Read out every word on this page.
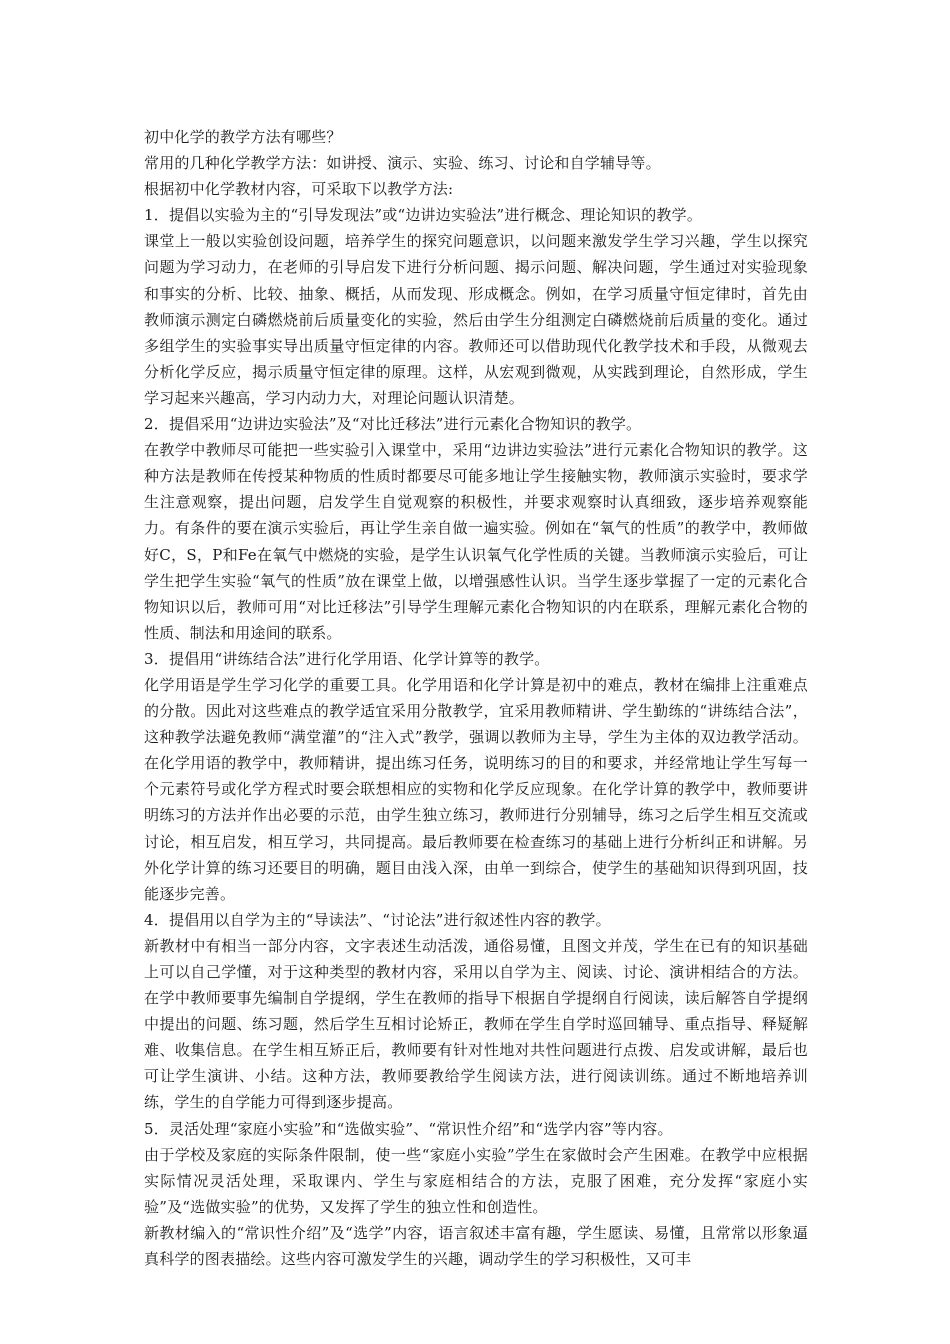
初中化学的教学方法有哪些？

常用的几种化学教学方法：如讲授、演示、实验、练习、讨论和自学辅导等。

根据初中化学教材内容，可采取下以教学方法:

1．提倡以实验为主的“引导发现法”或“边讲边实验法”进行概念、理论知识的教学。

课堂上一般以实验创设问题，培养学生的探究问题意识，以问题来激发学生学习兴趣，学生以探究问题为学习动力，在老师的引导启发下进行分析问题、揭示问题、解决问题，学生通过对实验现象和事实的分析、比较、抽象、概括，从而发现、形成概念。例如，在学习质量守恒定律时，首先由教师演示测定白磷燃烧前后质量变化的实验，然后由学生分组测定白磷燃烧前后质量的变化。通过多组学生的实验事实导出质量守恒定律的内容。教师还可以借助现代化教学技术和手段，从微观去分析化学反应，揭示质量守恒定律的原理。这样，从宏观到微观，从实践到理论，自然形成，学生学习起来兴趣高，学习内动力大，对理论问题认识清楚。

2．提倡采用“边讲边实验法”及“对比迁移法”进行元素化合物知识的教学。

在教学中教师尽可能把一些实验引入课堂中，采用“边讲边实验法”进行元素化合物知识的教学。这种方法是教师在传授某种物质的性质时都要尽可能多地让学生接触实物，教师演示实验时，要求学生注意观察，提出问题，启发学生自觉观察的积极性，并要求观察时认真细致，逐步培养观察能力。有条件的要在演示实验后，再让学生亲自做一遍实验。例如在“氧气的性质”的教学中，教师做好C，S，P和Fe在氧气中燃烧的实验，是学生认识氧气化学性质的关键。当教师演示实验后，可让学生把学生实验“氧气的性质”放在课堂上做，以增强感性认识。当学生逐步掌握了一定的元素化合物知识以后，教师可用“对比迁移法”引导学生理解元素化合物知识的内在联系，理解元素化合物的性质、制法和用途间的联系。

3．提倡用“讲练结合法”进行化学用语、化学计算等的教学。

化学用语是学生学习化学的重要工具。化学用语和化学计算是初中的难点，教材在编排上注重难点的分散。因此对这些难点的教学适宜采用分散教学，宜采用教师精讲、学生勤练的“讲练结合法”，这种教学法避免教师“满堂灌”的“注入式”教学，强调以教师为主导，学生为主体的双边教学活动。在化学用语的教学中，教师精讲，提出练习任务，说明练习的目的和要求，并经常地让学生写每一个元素符号或化学方程式时要会联想相应的实物和化学反应现象。在化学计算的教学中，教师要讲明练习的方法并作出必要的示范，由学生独立练习，教师进行分别辅导，练习之后学生相互交流或讨论，相互启发，相互学习，共同提高。最后教师要在检查练习的基础上进行分析纠正和讲解。另外化学计算的练习还要目的明确，题目由浅入深，由单一到综合，使学生的基础知识得到巩固，技能逐步完善。

4．提倡用以自学为主的“导读法”、“讨论法”进行叙述性内容的教学。

新教材中有相当一部分内容，文字表述生动活泼，通俗易懂，且图文并茂，学生在已有的知识基础上可以自己学懂，对于这种类型的教材内容，采用以自学为主、阅读、讨论、演讲相结合的方法。在学中教师要事先编制自学提纲，学生在教师的指导下根据自学提纲自行阅读，读后解答自学提纲中提出的问题、练习题，然后学生互相讨论矫正，教师在学生自学时巡回辅导、重点指导、释疑解难、收集信息。在学生相互矫正后，教师要有针对性地对共性问题进行点拨、启发或讲解，最后也可让学生演讲、小结。这种方法，教师要教给学生阅读方法，进行阅读训练。通过不断地培养训练，学生的自学能力可得到逐步提高。

5．灵活处理“家庭小实验”和“选做实验”、“常识性介绍”和“选学内容”等内容。

由于学校及家庭的实际条件限制，使一些“家庭小实验”学生在家做时会产生困难。在教学中应根据实际情况灵活处理，采取课内、学生与家庭相结合的方法，克服了困难，充分发挥“家庭小实验”及“选做实验”的优势，又发挥了学生的独立性和创造性。

新教材编入的“常识性介绍”及“选学”内容，语言叙述丰富有趣，学生愿读、易懂，且常常以形象逼真科学的图表描绘。这些内容可激发学生的兴趣，调动学生的学习积极性，又可丰
